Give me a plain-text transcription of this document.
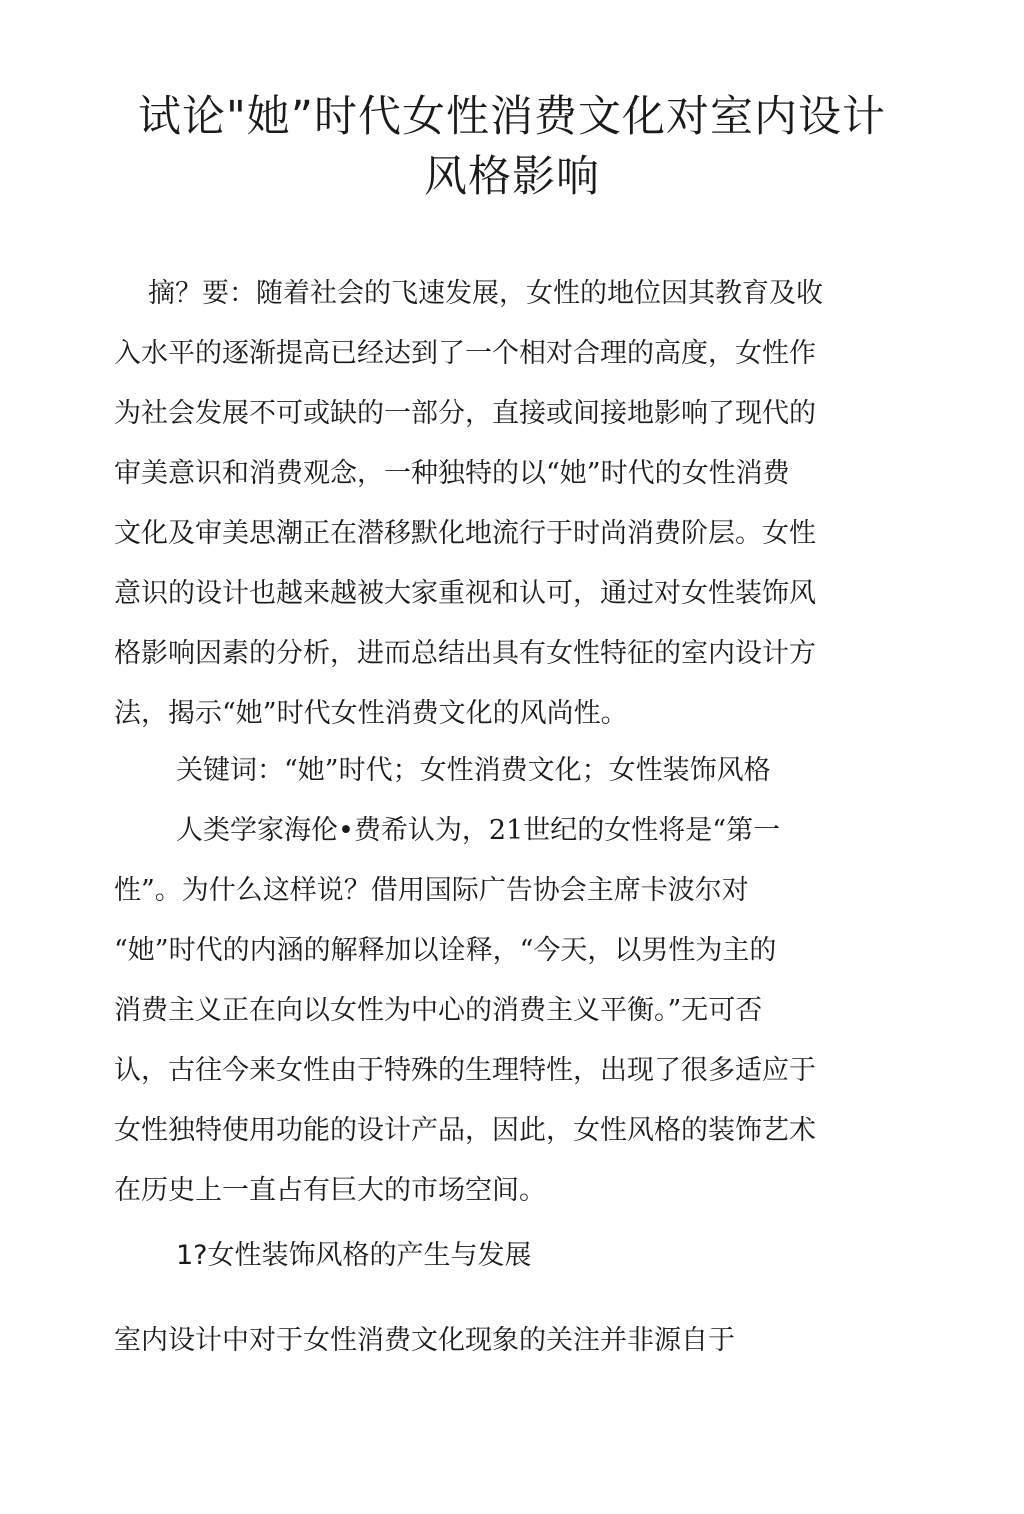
试论"她”时代女性消费文化对室内设计
风格影响
摘？要：随着社会的飞速发展，女性的地位因其教育及收
入水平的逐渐提高已经达到了一个相对合理的高度，女性作
为社会发展不可或缺的一部分，直接或间接地影响了现代的
审美意识和消费观念，一种独特的以“她”时代的女性消费
文化及审美思潮正在潜移默化地流行于时尚消费阶层。女性
意识的设计也越来越被大家重视和认可，通过对女性装饰风
格影响因素的分析，进而总结出具有女性特征的室内设计方
法，揭示“她”时代女性消费文化的风尚性。
关键词：“她”时代；女性消费文化；女性装饰风格
人类学家海伦•费希认为，21世纪的女性将是“第一
性”。为什么这样说？借用国际广告协会主席卡波尔对
“她”时代的内涵的解释加以诠释，“今天，以男性为主的
消费主义正在向以女性为中心的消费主义平衡。”无可否
认，古往今来女性由于特殊的生理特性，出现了很多适应于
女性独特使用功能的设计产品，因此，女性风格的装饰艺术
在历史上一直占有巨大的市场空间。
1?女性装饰风格的产生与发展
室内设计中对于女性消费文化现象的关注并非源自于
